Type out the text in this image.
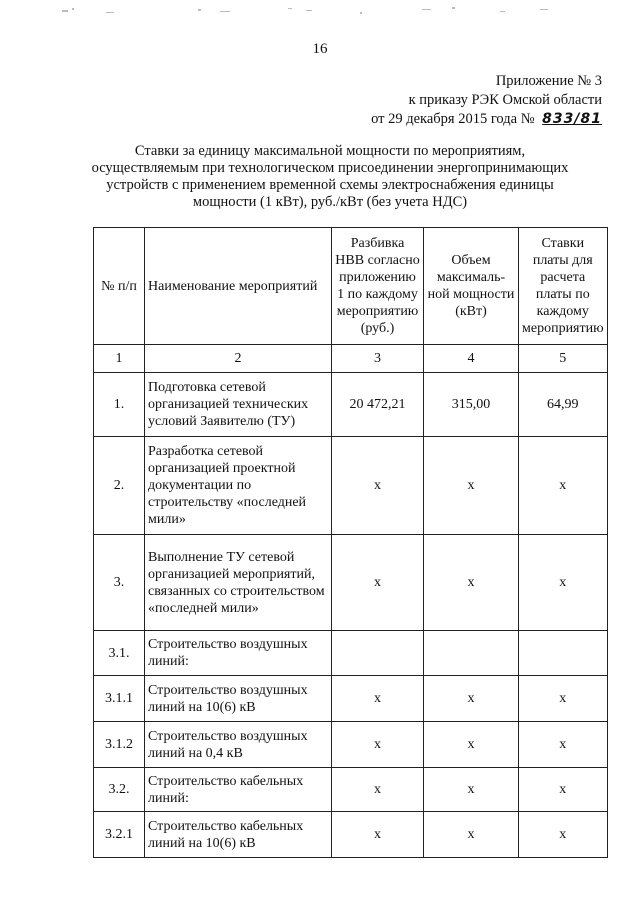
16
Приложение № 3
к приказу РЭК Омской области
от 29 декабря 2015 года № 833/81
Ставки за единицу максимальной мощности по мероприятиям,
осуществляемым при технологическом присоединении энергопринимающих
устройств с применением временной схемы электроснабжения единицы
мощности (1 кВт), руб./кВт (без учета НДС)
№ п/п	Наименование мероприятий	Разбивка НВВ согласно приложению 1 по каждому мероприятию (руб.)	Объем максималь-ной мощности (кВт)	Ставки платы для расчета платы по каждому мероприятию
1	2	3	4	5
1.	Подготовка сетевой организацией технических условий Заявителю (ТУ)	20 472,21	315,00	64,99
2.	Разработка сетевой организацией проектной документации по строительству «последней мили»	x	x	x
3.	Выполнение ТУ сетевой организацией мероприятий, связанных со строительством «последней мили»	x	x	x
3.1.	Строительство воздушных линий:			
3.1.1	Строительство воздушных линий на 10(6) кВ	x	x	x
3.1.2	Строительство воздушных линий на 0,4 кВ	x	x	x
3.2.	Строительство кабельных линий:	x	x	x
3.2.1	Строительство кабельных линий на 10(6) кВ	x	x	x
